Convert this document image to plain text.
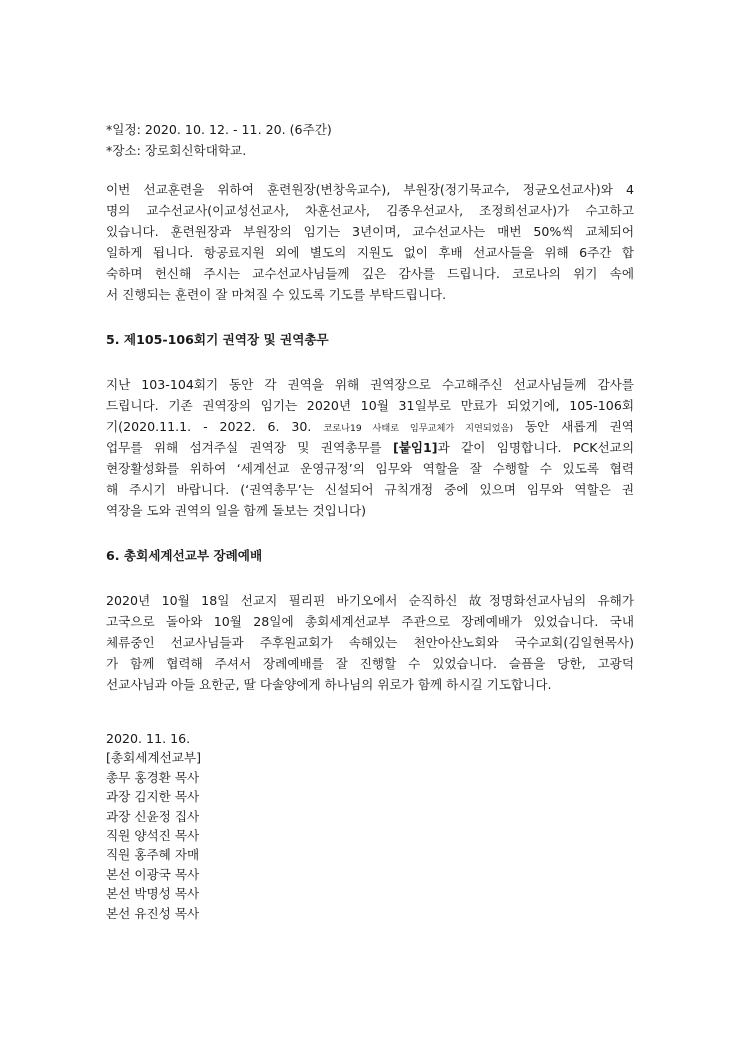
*일정: 2020. 10. 12. - 11. 20. (6주간)
*장소: 장로회신학대학교.
이번 선교훈련을 위하여 훈련원장(변창욱교수), 부원장(정기묵교수, 정균오선교사)와 4
명의 교수선교사(이교성선교사, 차훈선교사, 김종우선교사, 조정희선교사)가 수고하고
있습니다. 훈련원장과 부원장의 임기는 3년이며, 교수선교사는 매번 50%씩 교체되어
일하게 됩니다. 항공료지원 외에 별도의 지원도 없이 후배 선교사들을 위해 6주간 합
숙하며 헌신해 주시는 교수선교사님들께 깊은 감사를 드립니다. 코로나의 위기 속에
서 진행되는 훈련이 잘 마쳐질 수 있도록 기도를 부탁드립니다.
5. 제105-106회기 권역장 및 권역총무
지난 103-104회기 동안 각 권역을 위해 권역장으로 수고해주신 선교사님들께 감사를
드립니다. 기존 권역장의 임기는 2020년 10월 31일부로 만료가 되었기에, 105-106회
기(2020.11.1. - 2022. 6. 30. 코로나19 사태로 임무교체가 지연되었음) 동안 새롭게 권역
업무를 위해 섬겨주실 권역장 및 권역총무를 [붙임1]과 같이 임명합니다. PCK선교의
현장활성화를 위하여 ‘세계선교 운영규정’의 임무와 역할을 잘 수행할 수 있도록 협력
해 주시기 바랍니다. (‘권역총무’는 신설되어 규칙개정 중에 있으며 임무와 역할은 권
역장을 도와 권역의 일을 함께 돌보는 것입니다)
6. 총회세계선교부 장례예배
2020년 10월 18일 선교지 필리핀 바기오에서 순직하신 故정명화선교사님의 유해가
고국으로 돌아와 10월 28일에 총회세계선교부 주관으로 장례예배가 있었습니다. 국내
체류중인 선교사님들과 주후원교회가 속해있는 천안아산노회와 국수교회(김일현목사)
가 함께 협력해 주셔서 장례예배를 잘 진행할 수 있었습니다. 슬픔을 당한, 고광덕
선교사님과 아들 요한군, 딸 다솔양에게 하나님의 위로가 함께 하시길 기도합니다.
2020. 11. 16.
[총회세계선교부]
총무 홍경환 목사
과장 김지한 목사
과장 신윤정 집사
직원 양석진 목사
직원 홍주혜 자매
본선 이광국 목사
본선 박명성 목사
본선 유진성 목사
